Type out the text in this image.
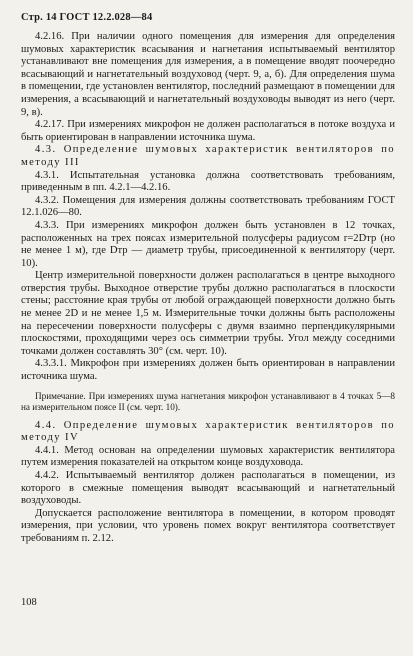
Стр. 14 ГОСТ 12.2.028—84

4.2.16. При наличии одного помещения для измерения для определения шумовых характеристик всасывания и нагнетания испытываемый вентилятор устанавливают вне помещения для измерения, а в помещение вводят поочередно всасывающий и нагнетательный воздуховод (черт. 9, а, б). Для определения шума в помещении, где установлен вентилятор, последний размещают в помещении для измерения, а всасывающий и нагнетательный воздуховоды выводят из него (черт. 9, в).

4.2.17. При измерениях микрофон не должен располагаться в потоке воздуха и быть ориентирован в направлении источника шума.

4.3. Определение шумовых характеристик вентиляторов по методу III

4.3.1. Испытательная установка должна соответствовать требованиям, приведенным в пп. 4.2.1—4.2.16.

4.3.2. Помещения для измерения должны соответствовать требованиям ГОСТ 12.1.026—80.

4.3.3. При измерениях микрофон должен быть установлен в 12 точках, расположенных на трех поясах измерительной полусферы радиусом r=2Dтр (но не менее 1 м), где Dтр — диаметр трубы, присоединенной к вентилятору (черт. 10).

Центр измерительной поверхности должен располагаться в центре выходного отверстия трубы. Выходное отверстие трубы должно располагаться в плоскости стены; расстояние края трубы от любой ограждающей поверхности должно быть не менее 2D и не менее 1,5 м. Измерительные точки должны быть расположены на пересечении поверхности полусферы с двумя взаимно перпендикулярными плоскостями, проходящими через ось симметрии трубы. Угол между соседними точками должен составлять 30° (см. черт. 10).

4.3.3.1. Микрофон при измерениях должен быть ориентирован в направлении источника шума.

Примечание. При измерениях шума нагнетания микрофон устанавливают в 4 точках 5—8 на измерительном поясе II (см. черт. 10).

4.4. Определение шумовых характеристик вентиляторов по методу IV

4.4.1. Метод основан на определении шумовых характеристик вентилятора путем измерения показателей на открытом конце воздуховода.

4.4.2. Испытываемый вентилятор должен располагаться в помещении, из которого в смежные помещения выводят всасывающий и нагнетательный воздуховоды.

Допускается расположение вентилятора в помещении, в котором проводят измерения, при условии, что уровень помех вокруг вентилятора соответствует требованиям п. 2.12.

108
